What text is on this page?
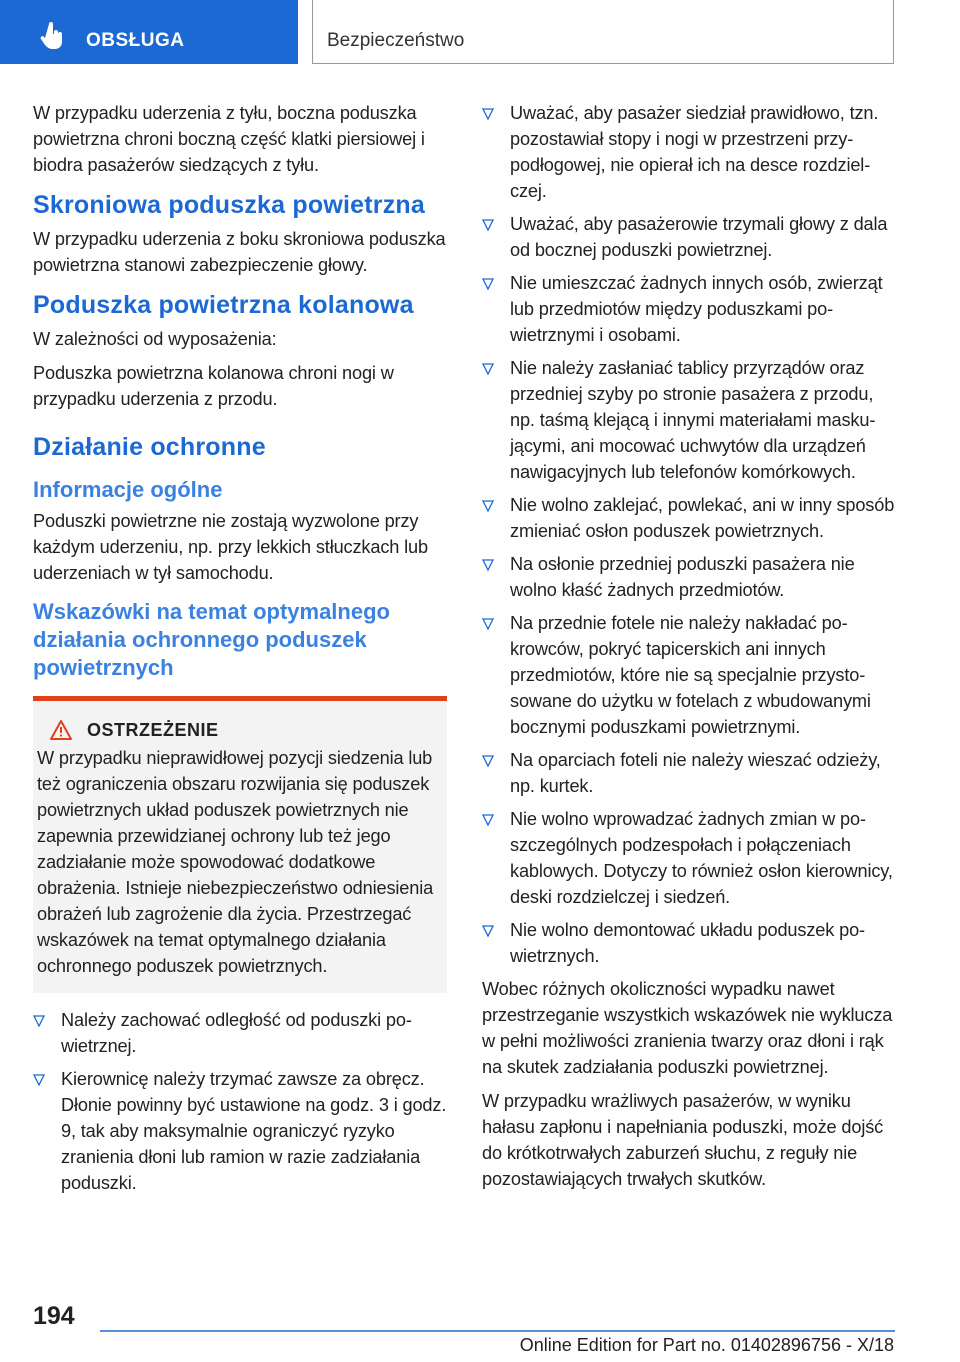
OBSŁUGA	Bezpieczeństwo

W przypadku uderzenia z tyłu, boczna poduszka powietrzna chroni boczną część klatki piersiowej i biodra pasażerów siedzących z tyłu.

Skroniowa poduszka powietrzna

W przypadku uderzenia z boku skroniowa poduszka powietrzna stanowi zabezpieczenie głowy.

Poduszka powietrzna kolanowa

W zależności od wyposażenia:

Poduszka powietrzna kolanowa chroni nogi w przypadku uderzenia z przodu.

Działanie ochronne
Informacje ogólne

Poduszki powietrzne nie zostają wyzwolone przy każdym uderzeniu, np. przy lekkich stłuczkach lub uderzeniach w tył samochodu.

Wskazówki na temat optymalnego działania ochronnego poduszek powietrznych
OSTRZEŻENIE

W przypadku nieprawidłowej pozycji siedzenia lub też ograniczenia obszaru rozwijania się poduszek powietrznych układ poduszek powietrznych nie zapewnia przewidzianej ochrony lub też jego zadziałanie może spowodować dodatkowe obrażenia. Istnieje niebezpieczeństwo odniesienia obrażeń lub zagrożenie dla życia. Przestrzegać wskazówek na temat optymalnego działania ochronnego poduszek powietrznych.

Należy zachować odległość od poduszki powietrznej.
Kierownicę należy trzymać zawsze za obręcz. Dłonie powinny być ustawione na godz. 3 i godz. 9, tak aby maksymalnie ograniczyć ryzyko zranienia dłoni lub ramion w razie zadziałania poduszki.
Uważać, aby pasażer siedział prawidłowo, tzn. pozostawiał stopy i nogi w przestrzeni przypodłogowej, nie opierał ich na desce rozdzielczej.
Uważać, aby pasażerowie trzymali głowy z dala od bocznej poduszki powietrznej.
Nie umieszczać żadnych innych osób, zwierząt lub przedmiotów między poduszkami powietrznymi i osobami.
Nie należy zasłaniać tablicy przyrządów oraz przedniej szyby po stronie pasażera z przodu, np. taśmą klejącą i innymi materiałami maskującymi, ani mocować uchwytów dla urządzeń nawigacyjnych lub telefonów komórkowych.
Nie wolno zaklejać, powlekać, ani w inny sposób zmieniać osłon poduszek powietrznych.
Na osłonie przedniej poduszki pasażera nie wolno kłaść żadnych przedmiotów.
Na przednie fotele nie należy nakładać pokrowców, pokryć tapicerskich ani innych przedmiotów, które nie są specjalnie przystosowane do użytku w fotelach z wbudowanymi bocznymi poduszkami powietrznymi.
Na oparciach foteli nie należy wieszać odzieży, np. kurtek.
Nie wolno wprowadzać żadnych zmian w poszczególnych podzespołach i połączeniach kablowych. Dotyczy to również osłon kierownicy, deski rozdzielczej i siedzeń.
Nie wolno demontować układu poduszek powietrznych.

Wobec różnych okoliczności wypadku nawet przestrzeganie wszystkich wskazówek nie wyklucza w pełni możliwości zranienia twarzy oraz dłoni i rąk na skutek zadziałania poduszki powietrznej.

W przypadku wrażliwych pasażerów, w wyniku hałasu zapłonu i napełniania poduszki, może dojść do krótkotrwałych zaburzeń słuchu, z reguły nie pozostawiających trwałych skutków.

194
Online Edition for Part no. 01402896756 - X/18
